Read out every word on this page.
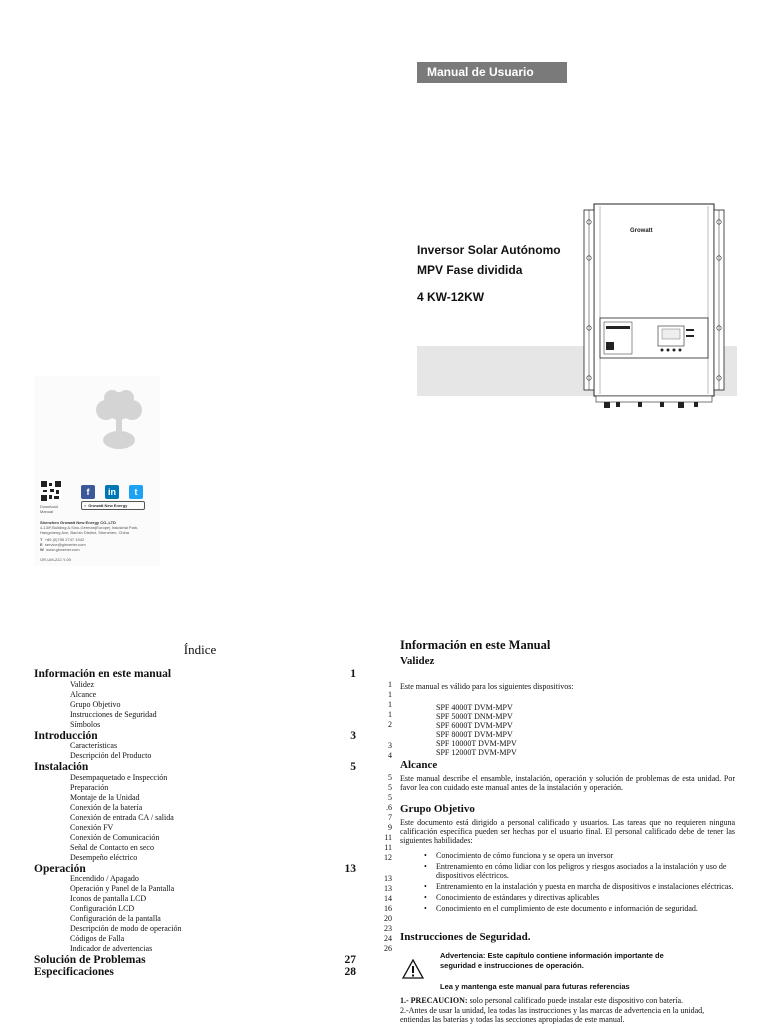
Manual de Usuario
Inversor Solar Autónomo
MPV Fase dividida
4 KW-12KW
Growatt
Download Manual
f in t
⌕ Growatt New Energy
Shenzhen Growatt New Energy CO.,LTD
4-13/F,Building A,Sino-German(Europe) Industrial Park,
Hangcheng Ave, Bao'an District, Shenzhen, China
T +86 (0)755 2747 1942
E service@ginverter.com
W www.ginverter.com
GR-UM-222-Y-00
Índice
Información en este manual	1
Validez	1
Alcance	1
Grupo Objetivo	1
Instrucciones de Seguridad	1
Símbolos	2
Introducción	3
Características	3
Descripción del Producto	4
Instalación	5
Desempaquetado e Inspección	5
Preparación	5
Montaje de la Unidad	5
Conexión de la batería	.6
Conexión de entrada CA / salida	7
Conexión FV	9
Conexión de Comunicación	11
Señal de Contacto en seco	11
Desempeño eléctrico	12
Operación	13
Encendido / Apagado	13
Operación y Panel de la Pantalla	13
Iconos de pantalla LCD	14
Configuración LCD	16
Configuración de la pantalla	20
Descripción de modo de operación	23
Códigos de Falla	24
Indicador de advertencias	26
Solución de Problemas	27
Especificaciones	28
Información en este Manual
Validez
Este manual es válido para los siguientes dispositivos:
SPF 4000T DVM-MPV
SPF 5000T DNM-MPV
SPF 6000T DVM-MPV
SPF 8000T DVM-MPV
SPF 10000T DVM-MPV
SPF 12000T DVM-MPV
Alcance
Este manual describe el ensamble, instalación, operación y solución de problemas de esta unidad. Por favor lea con cuidado este manual antes de la instalación y operación.
Grupo Objetivo
Este documento está dirigido a personal calificado y usuarios. Las tareas que no requieren ninguna calificación específica pueden ser hechas por el usuario final. El personal calificado debe de tener las siguientes habilidades:
• Conocimiento de cómo funciona y se opera un inversor
• Entrenamiento en cómo lidiar con los peligros y riesgos asociados a la instalación y uso de dispositivos eléctricos.
• Entrenamiento en la instalación y puesta en marcha de dispositivos e instalaciones eléctricas.
• Conocimiento de estándares y directivas aplicables
• Conocimiento en el cumplimiento de este documento e información de seguridad.
Instrucciones de Seguridad.
Advertencia: Este capítulo contiene información importante de
seguridad e instrucciones de operación.
Lea y mantenga este manual para futuras referencias
1.- PRECAUCION: solo personal calificado puede instalar este dispositivo con batería.
2.-Antes de usar la unidad, lea todas las instrucciones y las marcas de advertencia en la unidad, entiendas las baterías y todas las secciones apropiadas de este manual.
